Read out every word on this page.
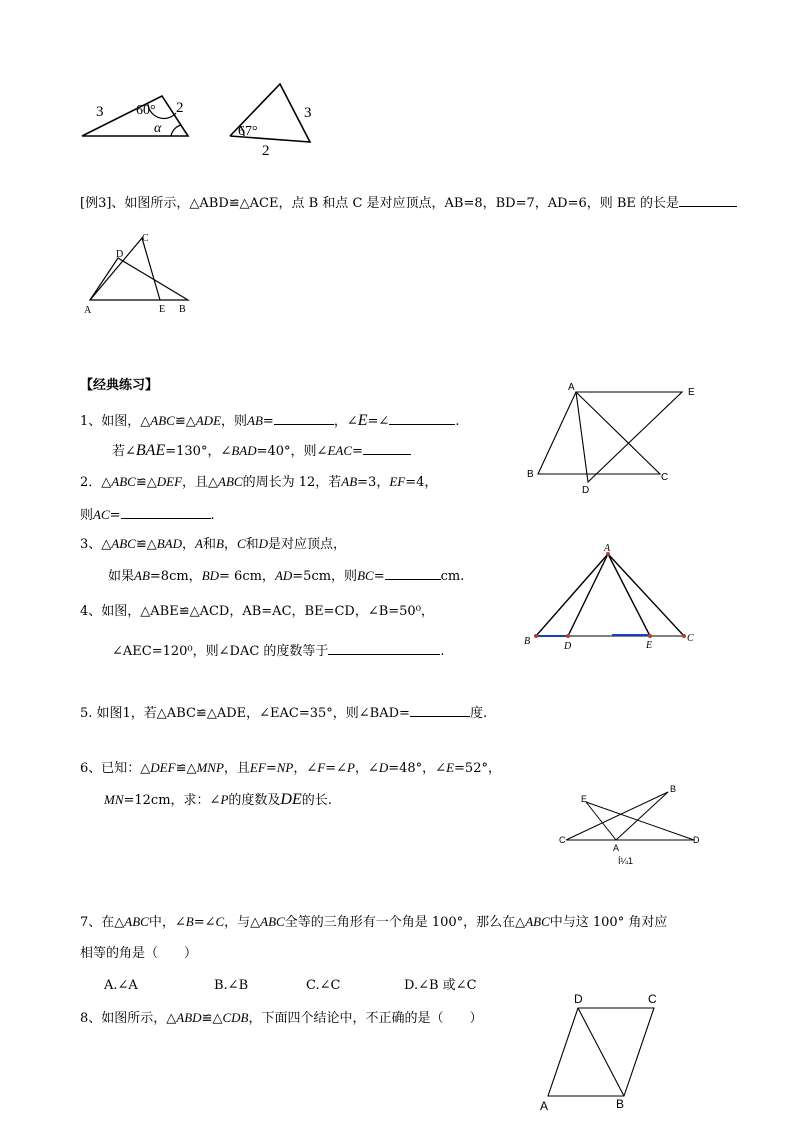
3 60° 2
α	67°
3
2
[例3]、如图所示，△ABD≌△ACE，点 B 和点 C 是对应顶点，AB=8，BD=7，AD=6，则 BE 的长是
C
D
A	E B
【经典练习】
1、如图，△ABC≌△ADE，则AB=	，∠E=∠	.
若∠BAE=130°，∠BAD=40°，则∠EAC=
A	E
B
D
C
2．△ABC≌△DEF，且△ABC的周长为 12，若AB=3，EF=4，
则AC=	.
3、△ABC≌△BAD，A和B，C和D是对应顶点，
如果AB=8cm，BD= 6cm，AD=5cm，则BC=	cm.
A
B	D	E
C
4、如图，△ABE≌△ACD，AB=AC，BE=CD，∠B=50⁰，
∠AEC=120⁰，则∠DAC 的度数等于	.
5. 如图1，若△ABC≌△ADE，∠EAC=35°，则∠BAD=	度.
6、已知：△DEF≌△MNP，且EF=NP，∠F=∠P，∠D=48°，∠E=52°，
MN=12cm，求：∠P的度数及DE的长.	E
B
C
A
D
Í¼1
7、在△ABC中，∠B=∠C，与△ABC全等的三角形有一个角是 100°，那么在△ABC中与这 100° 角对应
相等的角是（　　）
A.∠A	B.∠B	C.∠C	D.∠B 或∠C
8、如图所示，△ABD≌△CDB，下面四个结论中，不正确的是（　　）
D	C
A	B
